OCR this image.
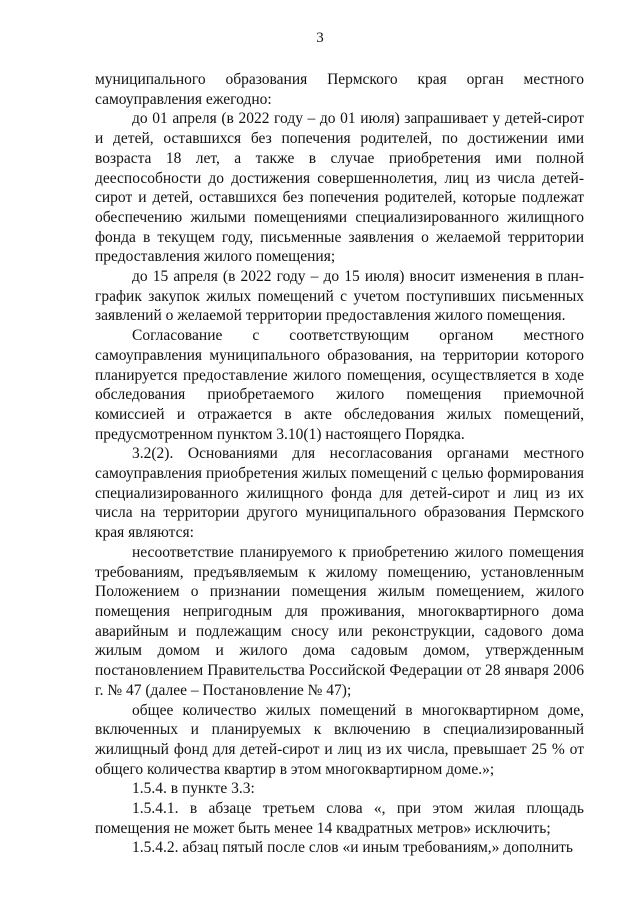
3

муниципального образования Пермского края орган местного самоуправления ежегодно:

до 01 апреля (в 2022 году – до 01 июля) запрашивает у детей-сирот и детей, оставшихся без попечения родителей, по достижении ими возраста 18 лет, а также в случае приобретения ими полной дееспособности до достижения совершеннолетия, лиц из числа детей-сирот и детей, оставшихся без попечения родителей, которые подлежат обеспечению жилыми помещениями специализированного жилищного фонда в текущем году, письменные заявления о желаемой территории предоставления жилого помещения;

до 15 апреля (в 2022 году – до 15 июля) вносит изменения в план-график закупок жилых помещений с учетом поступивших письменных заявлений о желаемой территории предоставления жилого помещения.

Согласование с соответствующим органом местного самоуправления муниципального образования, на территории которого планируется предоставление жилого помещения, осуществляется в ходе обследования приобретаемого жилого помещения приемочной комиссией и отражается в акте обследования жилых помещений, предусмотренном пунктом 3.10(1) настоящего Порядка.

3.2(2). Основаниями для несогласования органами местного самоуправления приобретения жилых помещений с целью формирования специализированного жилищного фонда для детей-сирот и лиц из их числа на территории другого муниципального образования Пермского края являются:

несоответствие планируемого к приобретению жилого помещения требованиям, предъявляемым к жилому помещению, установленным Положением о признании помещения жилым помещением, жилого помещения непригодным для проживания, многоквартирного дома аварийным и подлежащим сносу или реконструкции, садового дома жилым домом и жилого дома садовым домом, утвержденным постановлением Правительства Российской Федерации от 28 января 2006 г. № 47 (далее – Постановление № 47);

общее количество жилых помещений в многоквартирном доме, включенных и планируемых к включению в специализированный жилищный фонд для детей-сирот и лиц из их числа, превышает 25 % от общего количества квартир в этом многоквартирном доме.»;

1.5.4. в пункте 3.3:

1.5.4.1. в абзаце третьем слова «, при этом жилая площадь помещения не может быть менее 14 квадратных метров» исключить;

1.5.4.2. абзац пятый после слов «и иным требованиям,» дополнить
